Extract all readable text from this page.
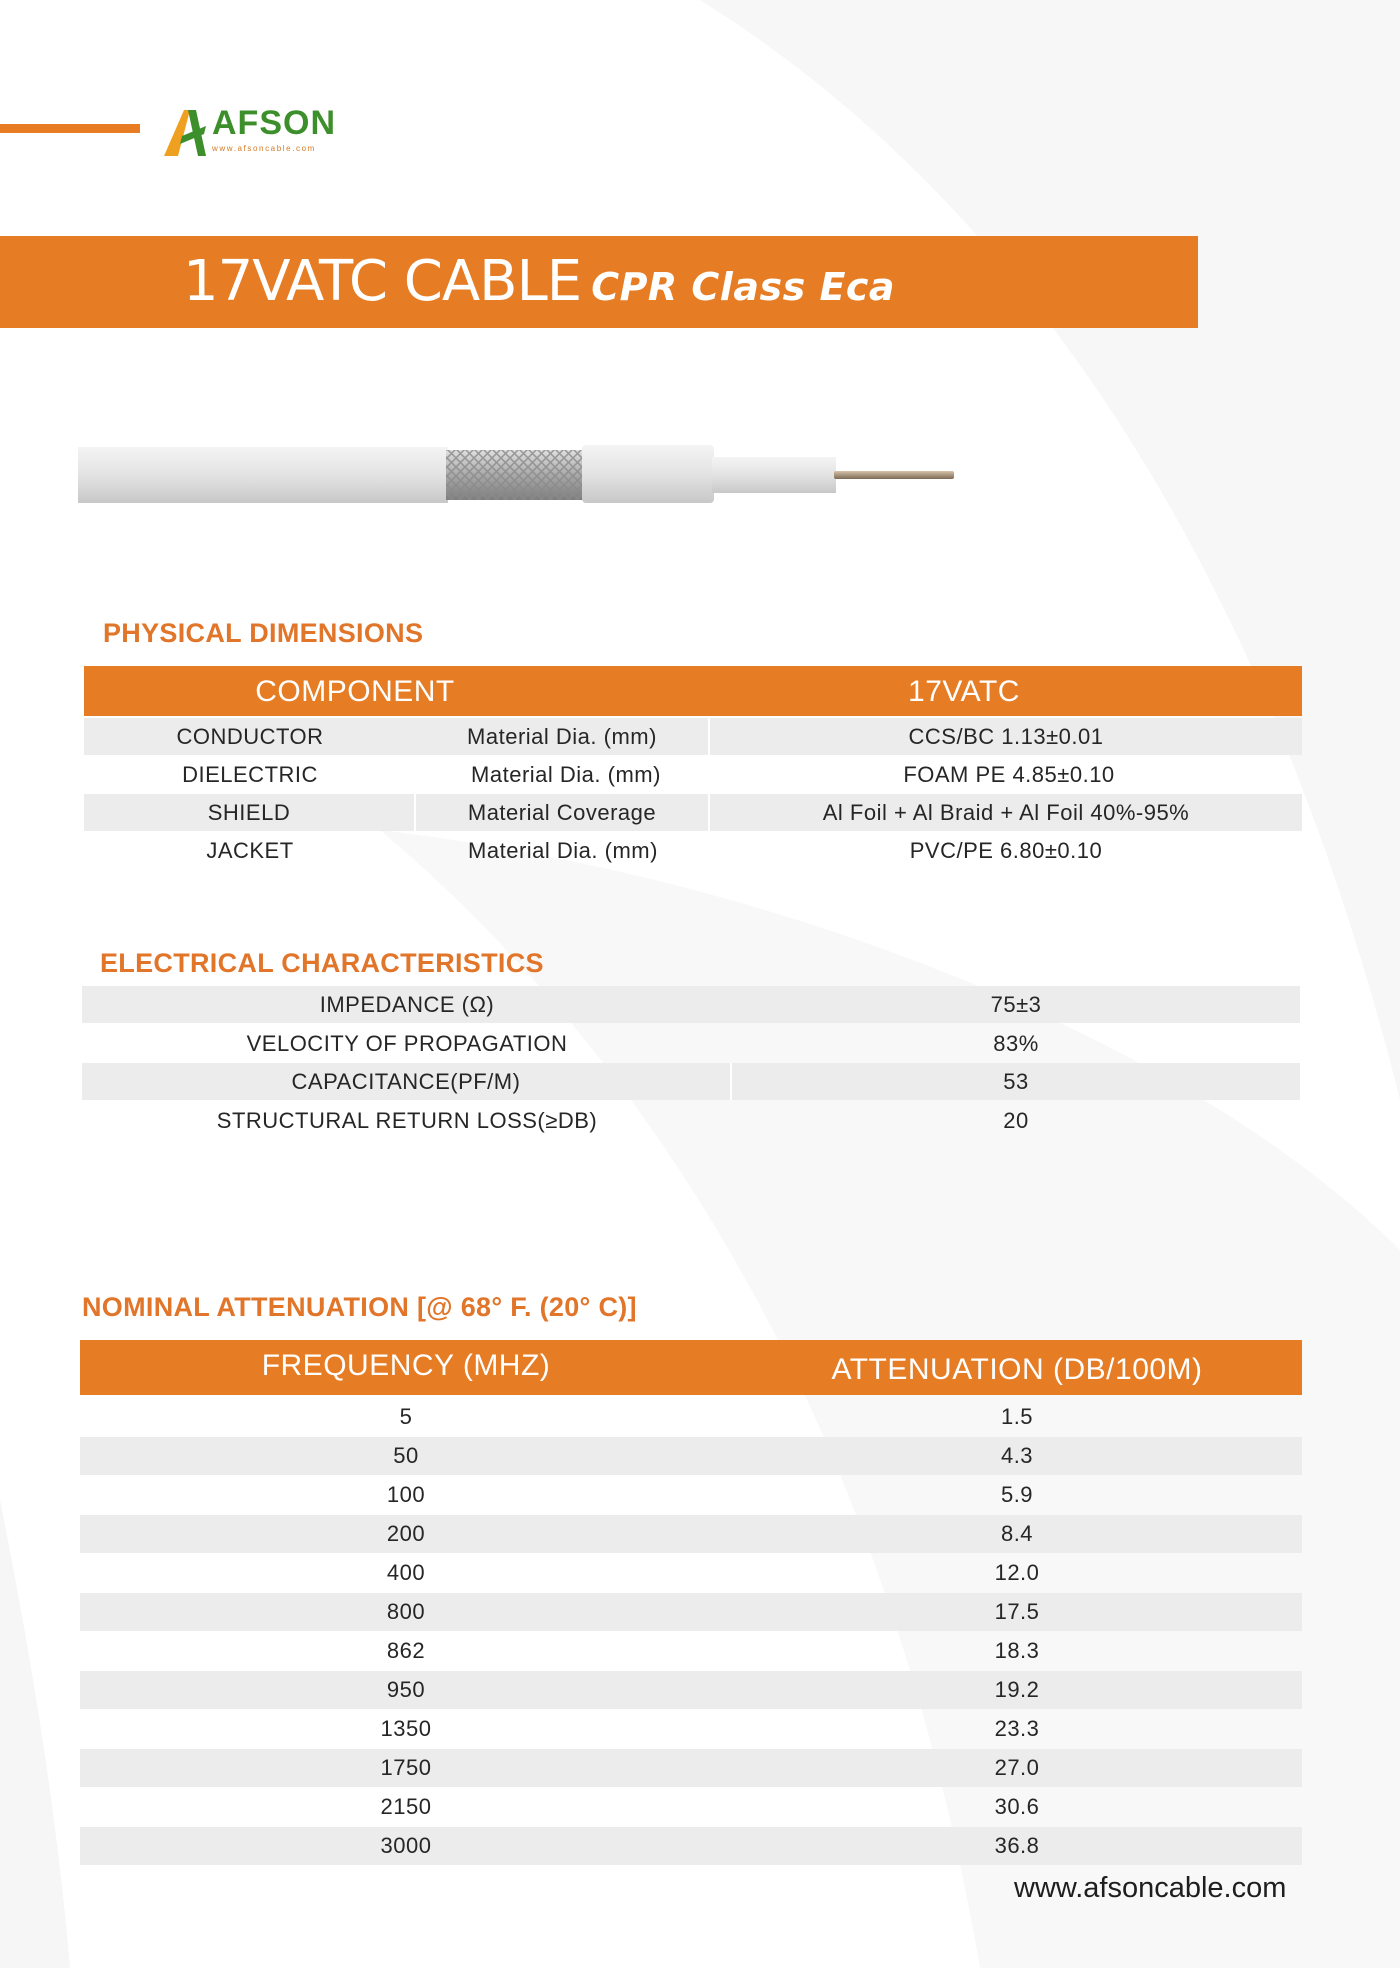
AFSON
www.afsoncable.com
17VATC CABLE CPR Class Eca
PHYSICAL DIMENSIONS
COMPONENT	17VATC
CONDUCTOR	Material Dia. (mm)	CCS/BC 1.13±0.01
DIELECTRIC	Material Dia. (mm)	FOAM PE 4.85±0.10
SHIELD	Material Coverage	Al Foil + Al Braid + Al Foil 40%-95%
JACKET	Material Dia. (mm)	PVC/PE 6.80±0.10
ELECTRICAL CHARACTERISTICS
IMPEDANCE (Ω)	75±3
VELOCITY OF PROPAGATION	83%
CAPACITANCE(PF/M)	53
STRUCTURAL RETURN LOSS(≥DB)	20
NOMINAL ATTENUATION [@ 68° F. (20° C)]
FREQUENCY (MHZ)	ATTENUATION (DB/100M)
5	1.5
50	4.3
100	5.9
200	8.4
400	12.0
800	17.5
862	18.3
950	19.2
1350	23.3
1750	27.0
2150	30.6
3000	36.8
www.afsoncable.com
